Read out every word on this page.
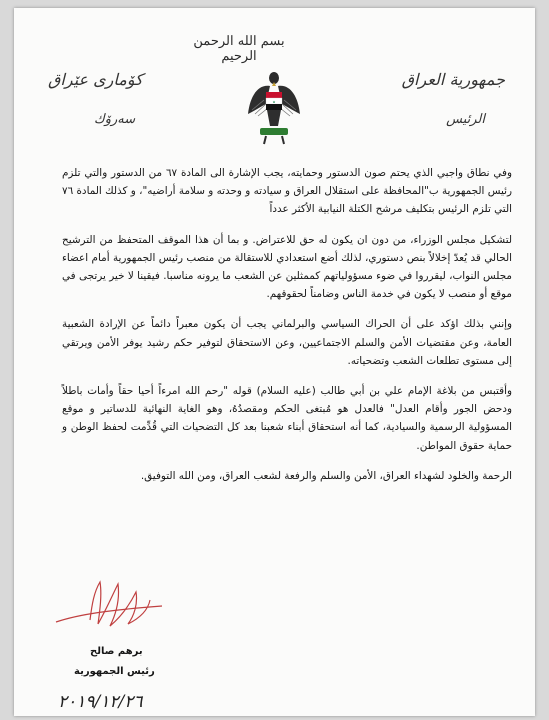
بسم الله الرحمن الرحيم
كۆماری عێراق
سەرۆك
❀
جمهورية العراق
الرئيس

وفي نطاق واجبي الذي يحتم صون الدستور وحمايته، يجب الإشارة الى المادة ٦٧ من الدستور والتي تلزم رئيس الجمهورية ب"المحافظة على استقلال العراق و سيادته و وحدته و سلامة أراضيه"، و كذلك المادة ٧٦ التي تلزم الرئيس بتكليف مرشح الكتلة النيابية الأكثر عدداً

لتشكيل مجلس الوزراء، من دون ان يكون له حق للاعتراض. و بما أن هذا الموقف المتحفظ من الترشيح الحالي قد يُعدّ إخلالاً بنص دستوري، لذلك أضع استعدادي للاستقالة من منصب رئيس الجمهورية أمام اعضاء مجلس النواب، ليقرروا في ضوء مسؤولياتهم كممثلين عن الشعب ما يرونه مناسبا. فيقينا لا خير يرتجى في موقع أو منصب لا يكون في خدمة الناس وضامناً لحقوقهم.

وإنني بذلك اؤكد على أن الحراك السياسي والبرلماني يجب أن يكون معبراً دائماً عن الإرادة الشعبية العامة، وعن مقتضيات الأمن والسلم الاجتماعيين، وعن الاستحقاق لتوفير حكم رشيد يوفر الأمن ويرتقي إلى مستوى تطلعات الشعب وتضحياته.

وأقتبس من بلاغة الإمام علي بن أبي طالب (عليه السلام) قوله "رحم الله امرءاً أحيا حقاً وأمات باطلاً ودحض الجور وأقام العدل" فالعدل هو مُبتغى الحكم ومقصدُهُ، وهو الغاية النهائية للدساتير و موقع المسؤولية الرسمية والسيادية، كما أنه استحقاق أبناء شعبنا بعد كل التضحيات التي قُدِّمت لحفظ الوطن و حماية حقوق المواطن.

الرحمة والخلود لشهداء العراق، الأمن والسلم والرفعة لشعب العراق، ومن الله التوفيق.

برهم صالح
رئيس الجمهورية
٢٠١٩/١٢/٢٦
